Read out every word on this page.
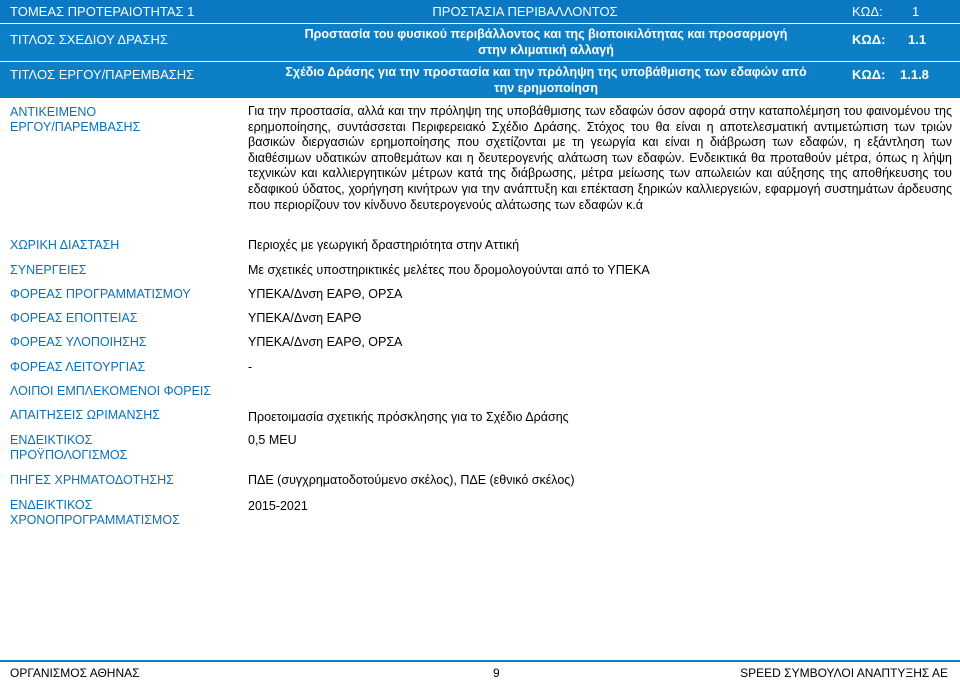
ΤΟΜΕΑΣ ΠΡΟΤΕΡΑΙΟΤΗΤΑΣ 1	ΠΡΟΣΤΑΣΙΑ ΠΕΡΙΒΑΛΛΟΝΤΟΣ	ΚΩΔ: 1
ΤΙΤΛΟΣ ΣΧΕΔΙΟΥ ΔΡΑΣΗΣ	Προστασία του φυσικού περιβάλλοντος και της βιοποικιλότητας και προσαρμογή
στην κλιματική αλλαγή
ΚΩΔ: 1.1
ΤΙΤΛΟΣ ΕΡΓΟΥ/ΠΑΡΕΜΒΑΣΗΣ	Σχέδιο Δράσης για την προστασία και την πρόληψη της υποβάθμισης των εδαφών από
την ερημοποίηση
ΚΩΔ: 1.1.8
ΑΝΤΙΚΕΙΜΕΝΟ
ΕΡΓΟΥ/ΠΑΡΕΜΒΑΣΗΣ
Για την προστασία, αλλά και την πρόληψη της υποβάθμισης των εδαφών όσον αφορά στην καταπολέμηση του φαινομένου της ερημοποίησης, συντάσσεται Περιφερειακό Σχέδιο Δράσης. Στόχος του θα είναι η αποτελεσματική αντιμετώπιση των τριών βασικών διεργασιών ερημοποίησης που σχετίζονται με τη γεωργία και είναι η διάβρωση των εδαφών, η εξάντληση των διαθέσιμων υδατικών αποθεμάτων και η δευτερογενής αλάτωση των εδαφών. Ενδεικτικά θα προταθούν μέτρα, όπως η λήψη τεχνικών και καλλιεργητικών μέτρων κατά της διάβρωσης, μέτρα μείωσης των απωλειών και αύξησης της αποθήκευσης του εδαφικού ύδατος, χορήγηση κινήτρων για την ανάπτυξη και επέκταση ξηρικών καλλιεργειών, εφαρμογή συστημάτων άρδευσης που περιορίζουν τον κίνδυνο δευτερογενούς αλάτωσης των εδαφών κ.ά
ΧΩΡΙΚΗ ΔΙΑΣΤΑΣΗ	Περιοχές με γεωργική δραστηριότητα στην Αττική
ΣΥΝΕΡΓΕΙΕΣ	Με σχετικές υποστηρικτικές μελέτες που δρομολογούνται από το ΥΠΕΚΑ
ΦΟΡΕΑΣ ΠΡΟΓΡΑΜΜΑΤΙΣΜΟΥ	ΥΠΕΚΑ/Δνση ΕΑΡΘ, ΟΡΣΑ
ΦΟΡΕΑΣ ΕΠΟΠΤΕΙΑΣ	ΥΠΕΚΑ/Δνση ΕΑΡΘ
ΦΟΡΕΑΣ ΥΛΟΠΟΙΗΣΗΣ	ΥΠΕΚΑ/Δνση ΕΑΡΘ, ΟΡΣΑ
ΦΟΡΕΑΣ ΛΕΙΤΟΥΡΓΙΑΣ	-
ΛΟΙΠΟΙ ΕΜΠΛΕΚΟΜΕΝΟΙ ΦΟΡΕΙΣ
ΑΠΑΙΤΗΣΕΙΣ ΩΡΙΜΑΝΣΗΣ	Προετοιμασία σχετικής πρόσκλησης για το Σχέδιο Δράσης
ΕΝΔΕΙΚΤΙΚΟΣ
ΠΡΟΫΠΟΛΟΓΙΣΜΟΣ
0,5 MEU
ΠΗΓΕΣ ΧΡΗΜΑΤΟΔΟΤΗΣΗΣ	ΠΔΕ (συγχρηματοδοτούμενο σκέλος), ΠΔΕ (εθνικό σκέλος)
ΕΝΔΕΙΚΤΙΚΟΣ
ΧΡΟΝΟΠΡΟΓΡΑΜΜΑΤΙΣΜΟΣ
2015-2021
ΟΡΓΑΝΙΣΜΟΣ ΑΘΗΝΑΣ	9	SPEED ΣΥΜΒΟΥΛΟΙ ΑΝΑΠΤΥΞΗΣ ΑΕ
